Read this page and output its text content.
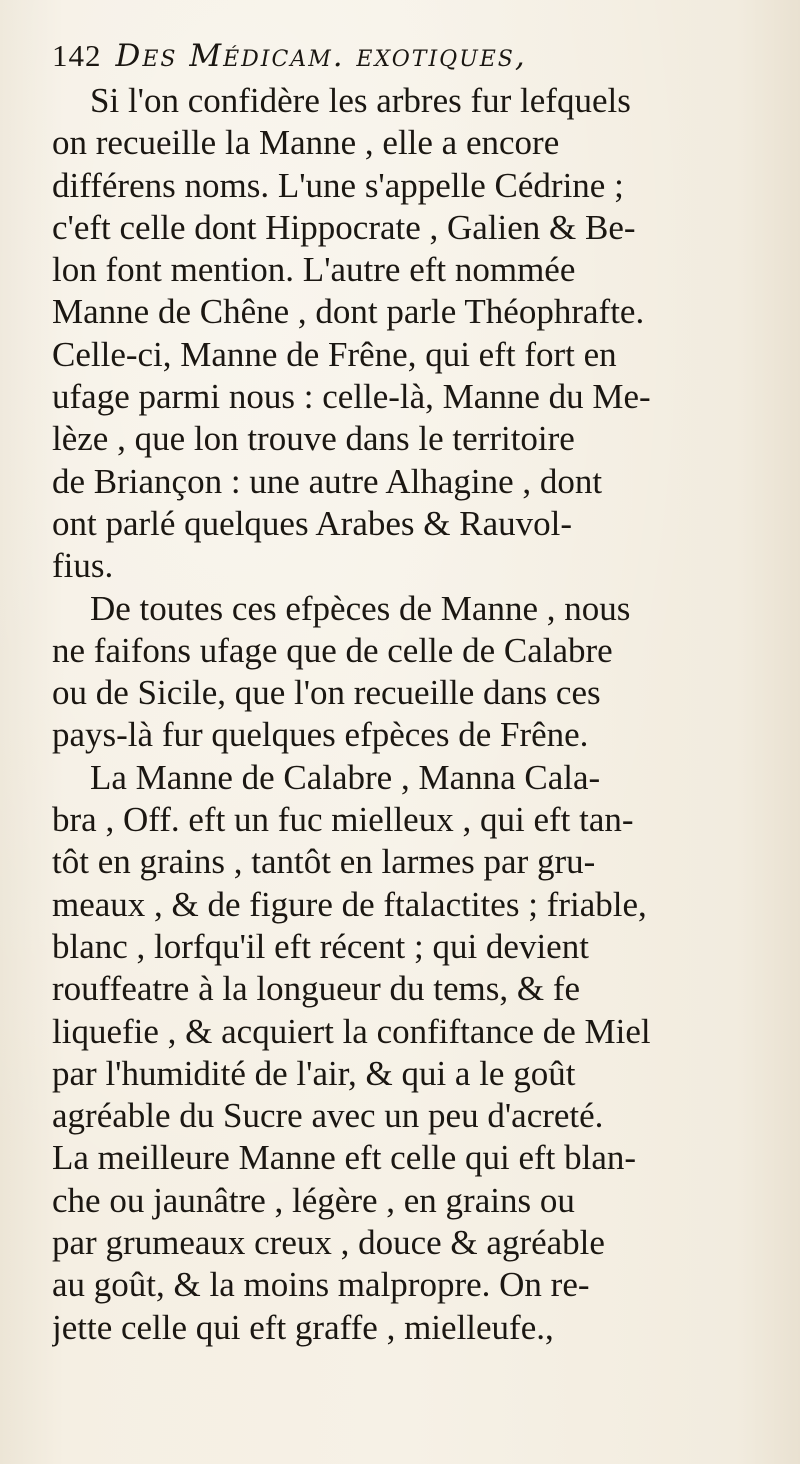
142 Des Médicam. exotiques,
Si l'on confidère les arbres fur lefquels
on recueille la Manne , elle a encore
différens noms. L'une s'appelle Cédrine ;
c'eft celle dont Hippocrate , Galien & Be-
lon font mention. L'autre eft nommée
Manne de Chêne , dont parle Théophrafte.
Celle-ci, Manne de Frêne, qui eft fort en
ufage parmi nous : celle-là, Manne du Me-
lèze , que lon trouve dans le territoire
de Briançon : une autre Alhagine , dont
ont parlé quelques Arabes & Rauvol-
fius.
De toutes ces efpèces de Manne , nous
ne faifons ufage que de celle de Calabre
ou de Sicile, que l'on recueille dans ces
pays-là fur quelques efpèces de Frêne.
La Manne de Calabre , Manna Cala-
bra , Off. eft un fuc mielleux , qui eft tan-
tôt en grains , tantôt en larmes par gru-
meaux , & de figure de ftalactites ; friable,
blanc , lorfqu'il eft récent ; qui devient
rouffeatre à la longueur du tems, & fe
liquefie , & acquiert la confiftance de Miel
par l'humidité de l'air, & qui a le goût
agréable du Sucre avec un peu d'acreté.
La meilleure Manne eft celle qui eft blan-
che ou jaunâtre , légère , en grains ou
par grumeaux creux , douce & agréable
au goût, & la moins malpropre. On re-
jette celle qui eft graffe , mielleufe.,
